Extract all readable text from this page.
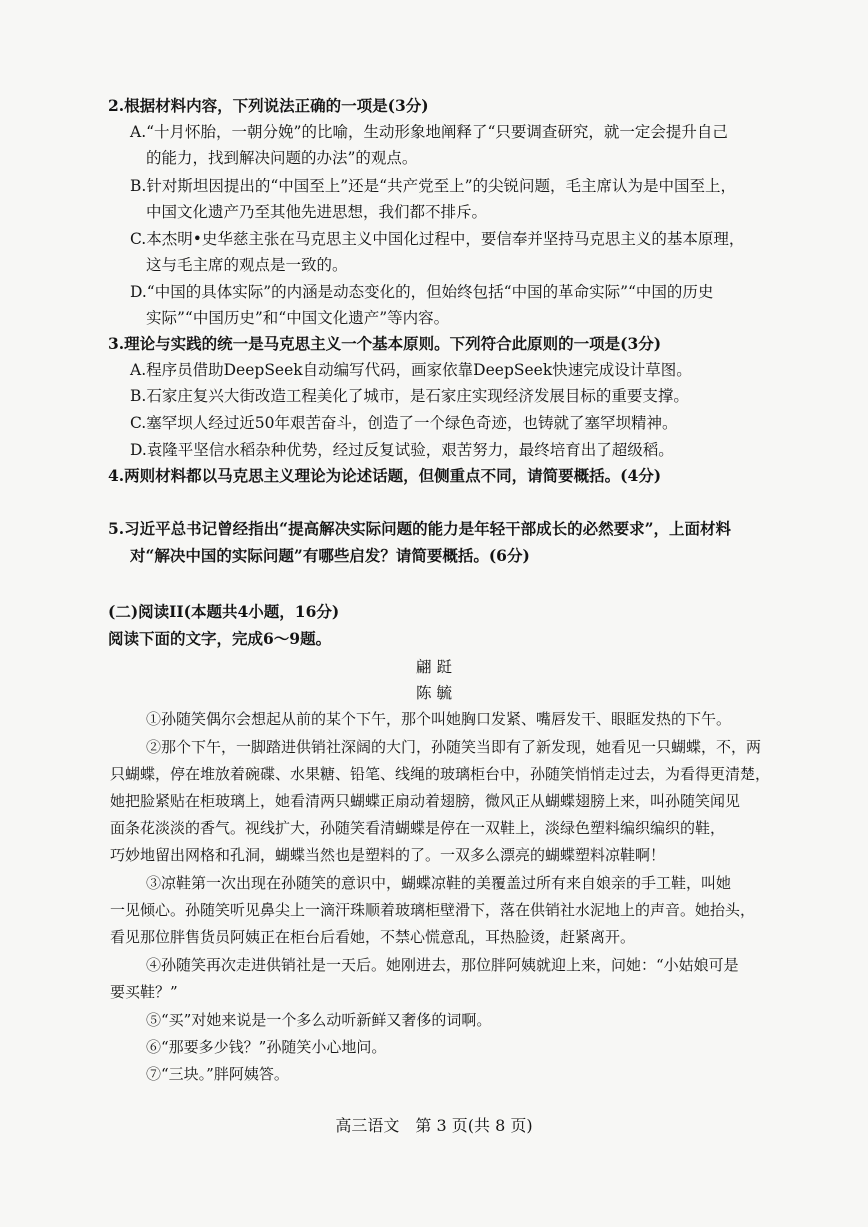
2.根据材料内容，下列说法正确的一项是(3分)
A.“十月怀胎，一朝分娩”的比喻，生动形象地阐释了“只要调查研究，就一定会提升自己
的能力，找到解决问题的办法”的观点。
B.针对斯坦因提出的“中国至上”还是“共产党至上”的尖锐问题，毛主席认为是中国至上，
中国文化遗产乃至其他先进思想，我们都不排斥。
C.本杰明•史华慈主张在马克思主义中国化过程中，要信奉并坚持马克思主义的基本原理，
这与毛主席的观点是一致的。
D.“中国的具体实际”的内涵是动态变化的，但始终包括“中国的革命实际”“中国的历史
实际”“中国历史”和“中国文化遗产”等内容。
3.理论与实践的统一是马克思主义一个基本原则。下列符合此原则的一项是(3分)
A.程序员借助DeepSeek自动编写代码，画家依靠DeepSeek快速完成设计草图。
B.石家庄复兴大街改造工程美化了城市，是石家庄实现经济发展目标的重要支撑。
C.塞罕坝人经过近50年艰苦奋斗，创造了一个绿色奇迹，也铸就了塞罕坝精神。
D.袁隆平坚信水稻杂种优势，经过反复试验，艰苦努力，最终培育出了超级稻。
4.两则材料都以马克思主义理论为论述话题，但侧重点不同，请简要概括。(4分)
5.习近平总书记曾经指出“提高解决实际问题的能力是年轻干部成长的必然要求”，上面材料
对“解决中国的实际问题”有哪些启发？请简要概括。(6分)
(二)阅读II(本题共4小题，16分)
阅读下面的文字，完成6～9题。
翩 跹
陈 毓
①孙随笑偶尔会想起从前的某个下午，那个叫她胸口发紧、嘴唇发干、眼眶发热的下午。
②那个下午，一脚踏进供销社深阔的大门，孙随笑当即有了新发现，她看见一只蝴蝶，不，两
只蝴蝶，停在堆放着碗碟、水果糖、铅笔、线绳的玻璃柜台中，孙随笑悄悄走过去，为看得更清楚，
她把脸紧贴在柜玻璃上，她看清两只蝴蝶正扇动着翅膀，微风正从蝴蝶翅膀上来，叫孙随笑闻见
面条花淡淡的香气。视线扩大，孙随笑看清蝴蝶是停在一双鞋上，淡绿色塑料编织编织的鞋，
巧妙地留出网格和孔洞，蝴蝶当然也是塑料的了。一双多么漂亮的蝴蝶塑料凉鞋啊！
③凉鞋第一次出现在孙随笑的意识中，蝴蝶凉鞋的美覆盖过所有来自娘亲的手工鞋，叫她
一见倾心。孙随笑听见鼻尖上一滴汗珠顺着玻璃柜壁滑下，落在供销社水泥地上的声音。她抬头，
看见那位胖售货员阿姨正在柜台后看她，不禁心慌意乱，耳热脸烫，赶紧离开。
④孙随笑再次走进供销社是一天后。她刚进去，那位胖阿姨就迎上来，问她：“小姑娘可是
要买鞋？”
⑤“买”对她来说是一个多么动听新鲜又奢侈的词啊。
⑥“那要多少钱？”孙随笑小心地问。
⑦“三块。”胖阿姨答。
高三语文　第 3 页(共 8 页)
